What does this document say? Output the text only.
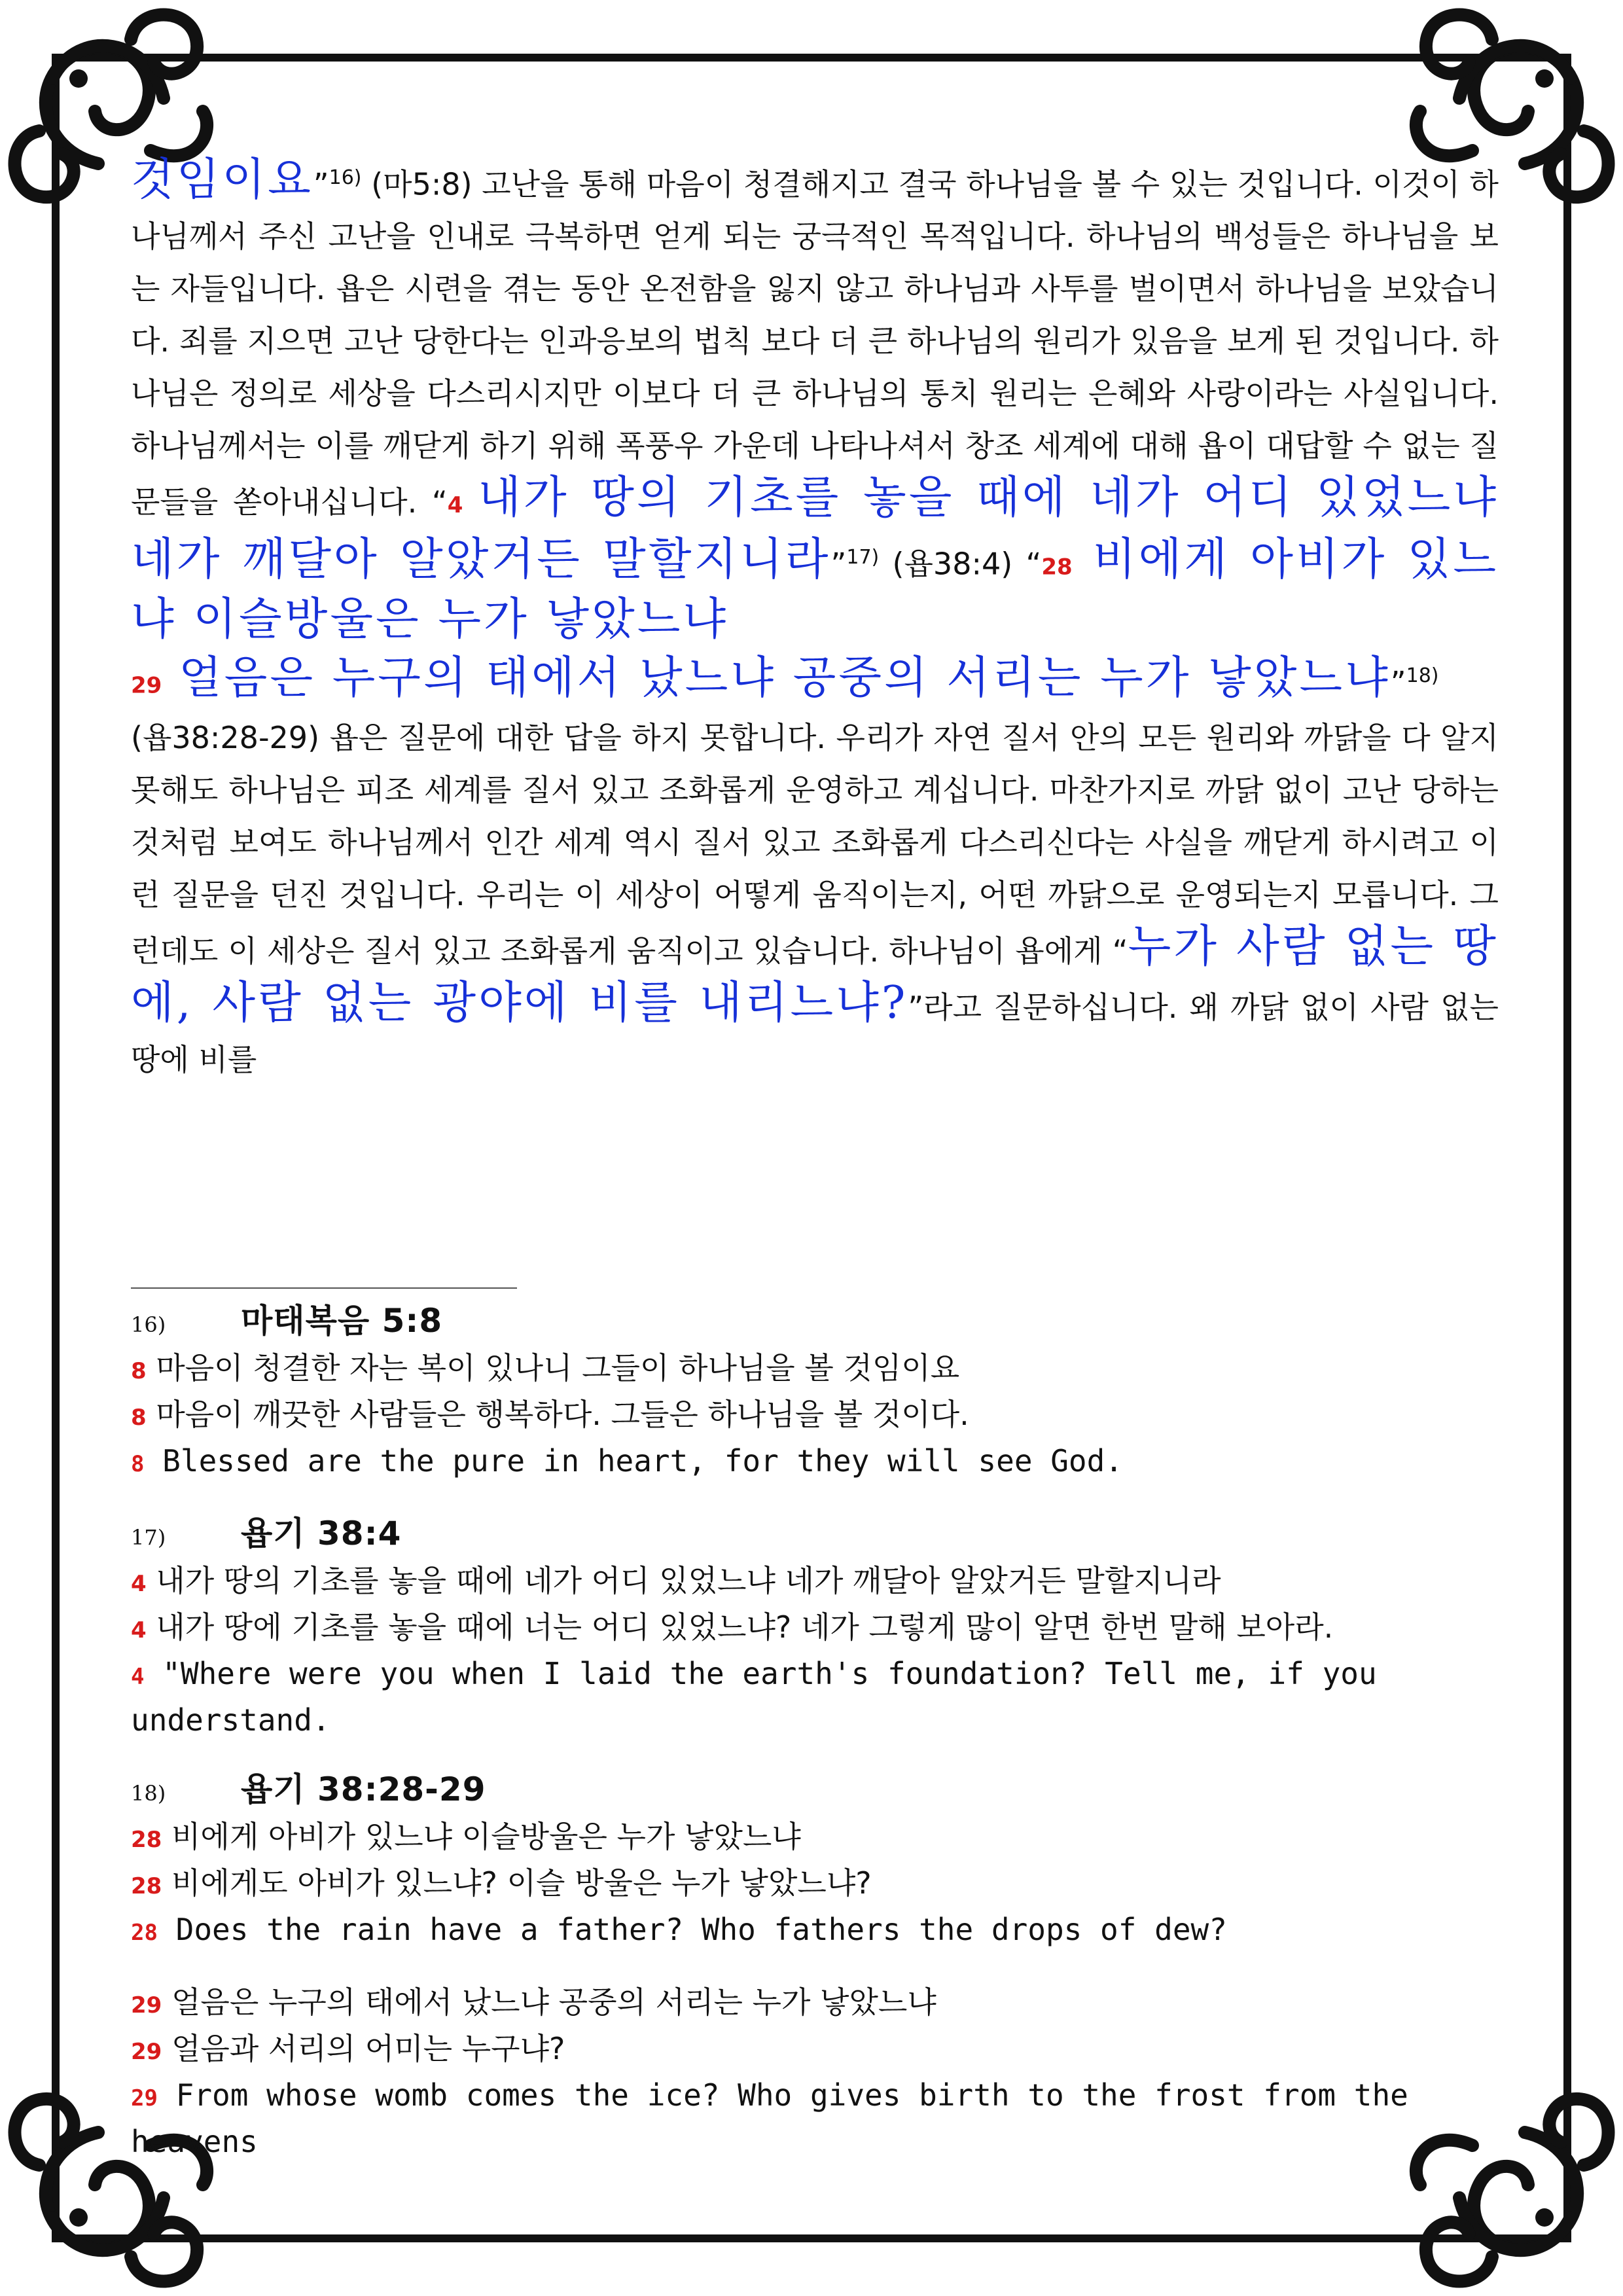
것임이요”$^{16)}$ (마5:8) 고난을 통해 마음이 청결해지고 결국 하나님을 볼 수 있는 것입니다. 이것이 하나님께서 주신 고난을 인내로 극복하면 얻게 되는 궁극적인 목적입니다. 하나님의 백성들은 하나님을 보는 자들입니다. 욥은 시련을 겪는 동안 온전함을 잃지 않고 하나님과 사투를 벌이면서 하나님을 보았습니다. 죄를 지으면 고난 당한다는 인과응보의 법칙 보다 더 큰 하나님의 원리가 있음을 보게 된 것입니다. 하나님은 정의로 세상을 다스리시지만 이보다 더 큰 하나님의 통치 원리는 은혜와 사랑이라는 사실입니다. 하나님께서는 이를 깨닫게 하기 위해 폭풍우 가운데 나타나셔서 창조 세계에 대해 욥이 대답할 수 없는 질문들을 쏟아내십니다. “4 내가 땅의 기초를 놓을 때에 네가 어디 있었느냐 네가 깨달아 알았거든 말할지니라”$^{17)}$ (욥38:4) “28 비에게 아비가 있느냐 이슬방울은 누가 낳았느냐
29 얼음은 누구의 태에서 났느냐 공중의 서리는 누가 낳았느냐”$^{18)}$

(욥38:28-29) 욥은 질문에 대한 답을 하지 못합니다. 우리가 자연 질서 안의 모든 원리와 까닭을 다 알지 못해도 하나님은 피조 세계를 질서 있고 조화롭게 운영하고 계십니다. 마찬가지로 까닭 없이 고난 당하는 것처럼 보여도 하나님께서 인간 세계 역시 질서 있고 조화롭게 다스리신다는 사실을 깨닫게 하시려고 이런 질문을 던진 것입니다. 우리는 이 세상이 어떻게 움직이는지, 어떤 까닭으로 운영되는지 모릅니다. 그런데도 이 세상은 질서 있고 조화롭게 움직이고 있습니다. 하나님이 욥에게 “누가 사람 없는 땅에, 사람 없는 광야에 비를 내리느냐?”라고 질문하십니다. 왜 까닭 없이 사람 없는 땅에 비를

16)	마태복음 5:8

8 마음이 청결한 자는 복이 있나니 그들이 하나님을 볼 것임이요

8 마음이 깨끗한 사람들은 행복하다. 그들은 하나님을 볼 것이다.

8 Blessed are the pure in heart, for they will see God.

17)	욥기 38:4

4 내가 땅의 기초를 놓을 때에 네가 어디 있었느냐 네가 깨달아 알았거든 말할지니라

4 내가 땅에 기초를 놓을 때에 너는 어디 있었느냐? 네가 그렇게 많이 알면 한번 말해 보아라.

4 "Where were you when I laid the earth's foundation? Tell me, if you understand.

18)	욥기 38:28-29

28 비에게 아비가 있느냐 이슬방울은 누가 낳았느냐

28 비에게도 아비가 있느냐? 이슬 방울은 누가 낳았느냐?

28 Does the rain have a father? Who fathers the drops of dew?

29 얼음은 누구의 태에서 났느냐 공중의 서리는 누가 낳았느냐

29 얼음과 서리의 어미는 누구냐?

29 From whose womb comes the ice? Who gives birth to the frost from the heavens
